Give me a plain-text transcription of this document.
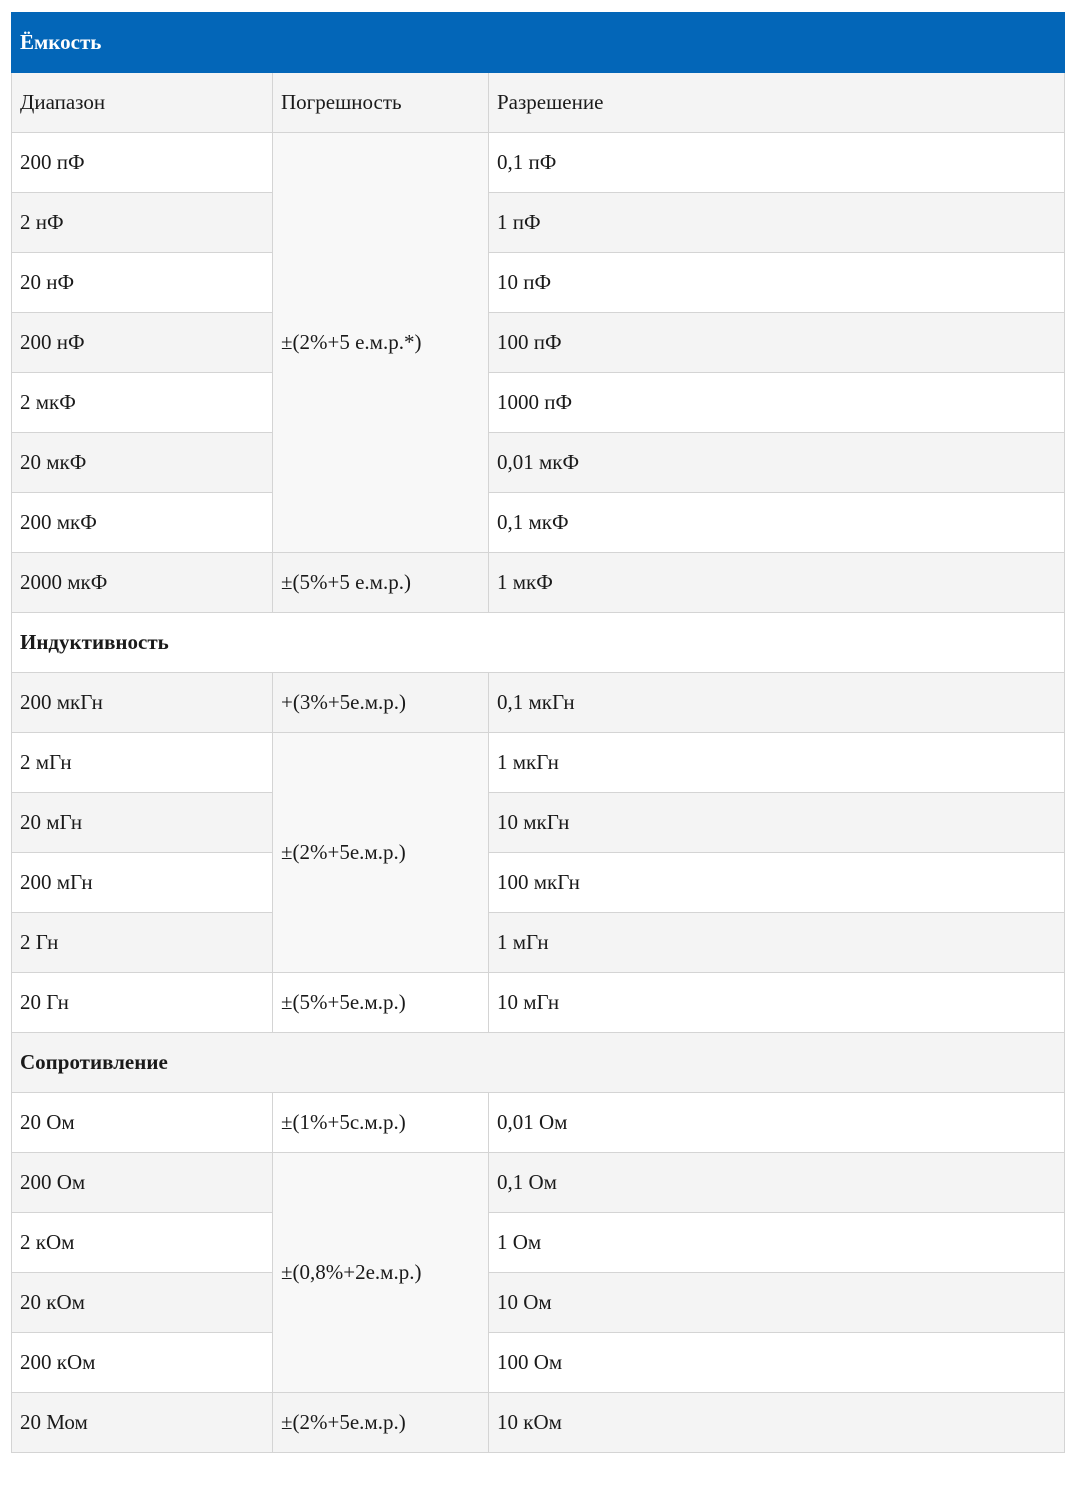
Ёмкость		
Диапазон	Погрешность	Разрешение
200 пФ	±(2%+5 е.м.р.*)	0,1 пФ
2 нФ		1 пФ
20 нФ		10 пФ
200 нФ		100 пФ
2 мкФ		1000 пФ
20 мкФ		0,01 мкФ
200 мкФ		0,1 мкФ
2000 мкФ	±(5%+5 е.м.р.)	1 мкФ
Индуктивность		
200 мкГн	+(3%+5е.м.р.)	0,1 мкГн
2 мГн	±(2%+5е.м.р.)	1 мкГн
20 мГн		10 мкГн
200 мГн		100 мкГн
2 Гн		1 мГн
20 Гн	±(5%+5е.м.р.)	10 мГн
Сопротивление		
20 Ом	±(1%+5с.м.р.)	0,01 Ом
200 Ом	±(0,8%+2е.м.р.)	0,1 Ом
2 кОм		1 Ом
20 кОм		10 Ом
200 кОм		100 Ом
20 Мом	±(2%+5е.м.р.)	10 кОм
